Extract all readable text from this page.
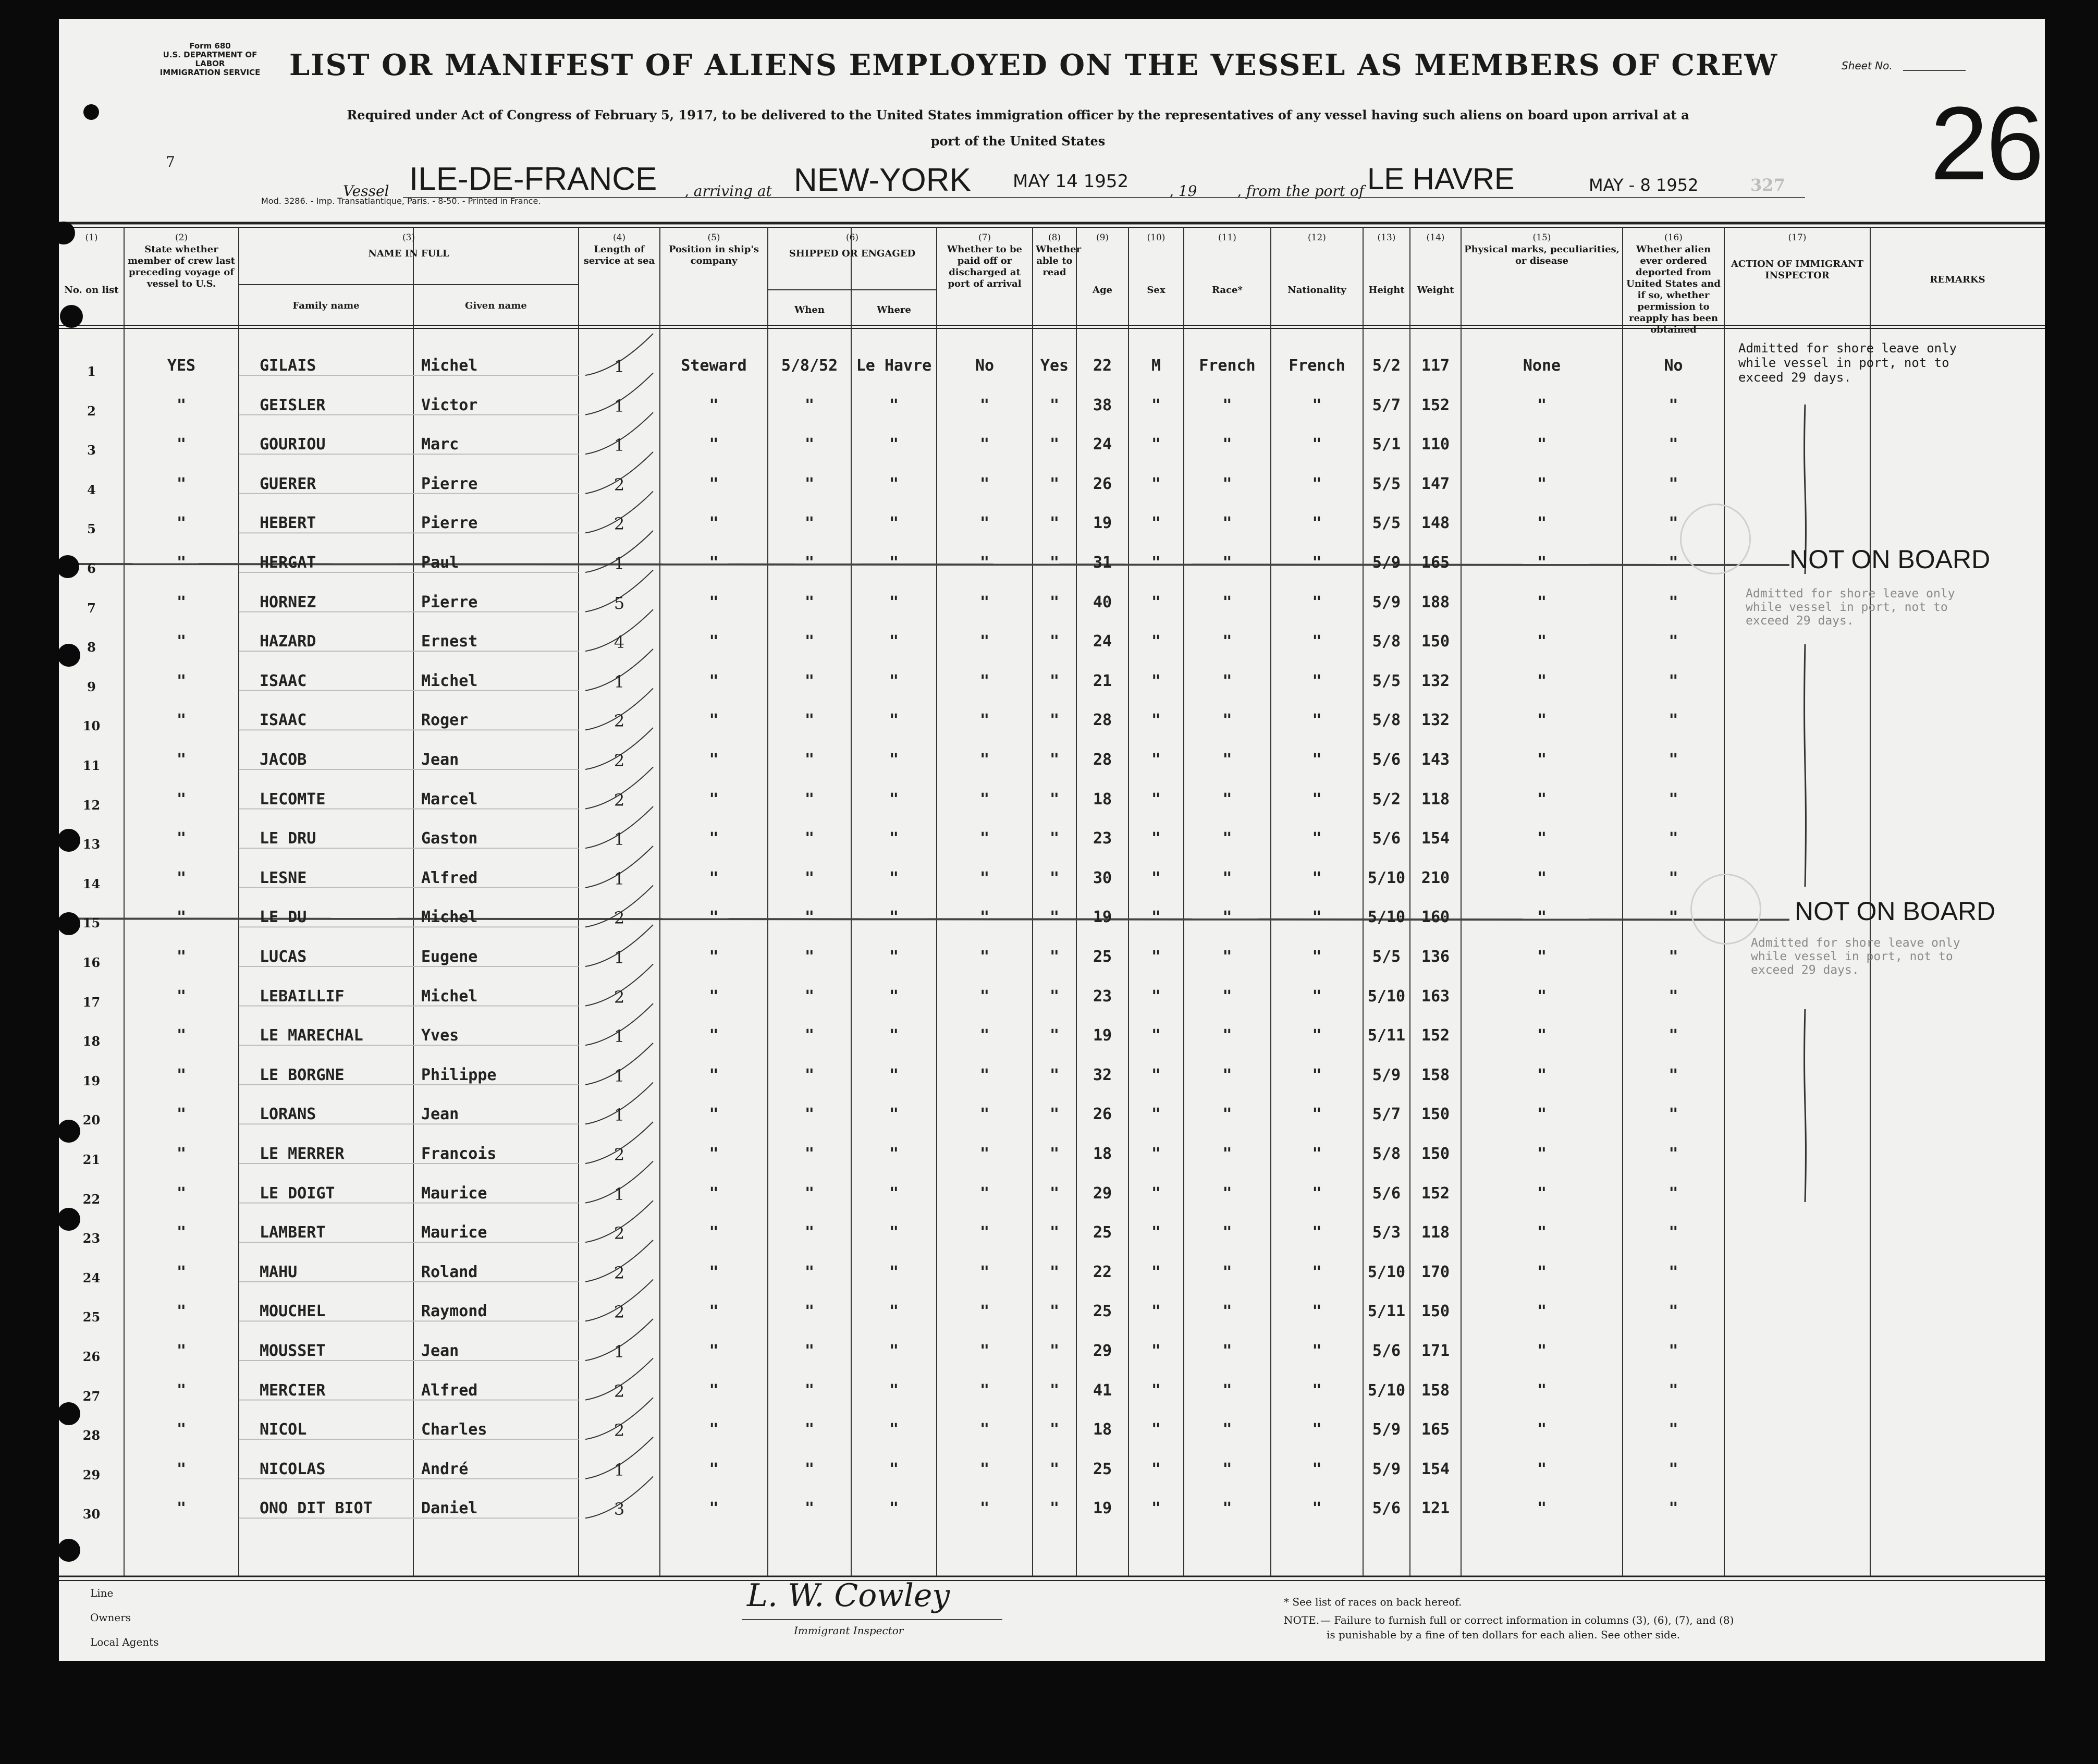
Form 680
U.S. DEPARTMENT OF LABOR
IMMIGRATION SERVICE LIST OR MANIFEST OF ALIENS EMPLOYED ON THE VESSEL AS MEMBERS OF CREW	Sheet No.
Required under Act of Congress of February 5, 1917, to be delivered to the United States immigration officer by the representatives of any vessel having such aliens on board upon arrival at a
port of the United States	26
327
7
Vessel ILE-DE-FRANCE , arriving at NEW-YORK MAY 14 1952	, 19	, from the port of LE HAVRE	MAY - 8 1952
Mod. 3286. - Imp. Transatlantique, Paris. - 8-50. - Printed in France.
(1)
No. on list
(2)
State whether member of crew last preceding voyage of vessel to U.S.
(3)
NAME IN FULL
Family name	Given name
(4)
Length of service at sea
(5)
Position in ship's company
(6)
SHIPPED OR ENGAGED
When	Where
(7)
Whether to be paid off or discharged at port of arrival
(8)
Whether able to read
(9)
Age
(10)
Sex
(11)
Race*
(12)
Nationality
(13)
Height
(14)
Weight
(15)
Physical marks, peculiarities, or disease
(16)
Whether alien ever ordered deported from United States and if so, whether permission to reapply has been obtained
(17)
ACTION OF IMMIGRANT INSPECTOR	REMARKS
1	YES	GILAIS	Michel	1	Steward	5/8/52	Le Havre	No	Yes	22	M	French	French	5/2	117	None	No
2	"	GEISLER	Victor	1	"	"	"	"	"	38	"	"	"	5/7	152	"	"
3	"	GOURIOU	Marc	1	"	"	"	"	"	24	"	"	"	5/1	110	"	"
4	"	GUERER	Pierre	2	"	"	"	"	"	26	"	"	"	5/5	147	"	"
5	"	HEBERT	Pierre	2	"	"	"	"	"	19	"	"	"	5/5	148	"	"
6	"	HERGAT	Paul	1	"	"	"	"	"	31	"	"	"	5/9	165	"	"
7	"	HORNEZ	Pierre	5	"	"	"	"	"	40	"	"	"	5/9	188	"	"
8	"	HAZARD	Ernest	4	"	"	"	"	"	24	"	"	"	5/8	150	"	"
9	"	ISAAC	Michel	1	"	"	"	"	"	21	"	"	"	5/5	132	"	"
10	"	ISAAC	Roger	2	"	"	"	"	"	28	"	"	"	5/8	132	"	"
11	"	JACOB	Jean	2	"	"	"	"	"	28	"	"	"	5/6	143	"	"
12	"	LECOMTE	Marcel	2	"	"	"	"	"	18	"	"	"	5/2	118	"	"
13	"	LE DRU	Gaston	1	"	"	"	"	"	23	"	"	"	5/6	154	"	"
14	"	LESNE	Alfred	1	"	"	"	"	"	30	"	"	"	5/10	210	"	"
15	"	LE DU	Michel	2	"	"	"	"	"	19	"	"	"	5/10	160	"	"
16	"	LUCAS	Eugene	1	"	"	"	"	"	25	"	"	"	5/5	136	"	"
17	"	LEBAILLIF	Michel	2	"	"	"	"	"	23	"	"	"	5/10	163	"	"
18	"	LE MARECHAL	Yves	1	"	"	"	"	"	19	"	"	"	5/11	152	"	"
19	"	LE BORGNE	Philippe	1	"	"	"	"	"	32	"	"	"	5/9	158	"	"
20	"	LORANS	Jean	1	"	"	"	"	"	26	"	"	"	5/7	150	"	"
21	"	LE MERRER	Francois	2	"	"	"	"	"	18	"	"	"	5/8	150	"	"
22	"	LE DOIGT	Maurice	1	"	"	"	"	"	29	"	"	"	5/6	152	"	"
23	"	LAMBERT	Maurice	2	"	"	"	"	"	25	"	"	"	5/3	118	"	"
24	"	MAHU	Roland	2	"	"	"	"	"	22	"	"	"	5/10	170	"	"
25	"	MOUCHEL	Raymond	2	"	"	"	"	"	25	"	"	"	5/11	150	"	"
26	"	MOUSSET	Jean	1	"	"	"	"	"	29	"	"	"	5/6	171	"	"
27	"	MERCIER	Alfred	2	"	"	"	"	"	41	"	"	"	5/10	158	"	"
28	"	NICOL	Charles	2	"	"	"	"	"	18	"	"	"	5/9	165	"	"
29	"	NICOLAS	André	1	"	"	"	"	"	25	"	"	"	5/9	154	"	"
30	"	ONO DIT BIOT	Daniel	3	"	"	"	"	"	19	"	"	"	5/6	121	"	"
Admitted for shore leave only while vessel in port, not to exceed 29 days.
Admitted for shore leave only while vessel in port, not to exceed 29 days.
Admitted for shore leave only while vessel in port, not to exceed 29 days.
NOT ON BOARD
NOT ON BOARD
Line
Owners
Local Agents
L. W. Cowley
Immigrant Inspector
* See list of races on back hereof.
NOTE. — Failure to furnish full or correct information in columns (3), (6), (7), and (8)
is punishable by a fine of ten dollars for each alien. See other side.
